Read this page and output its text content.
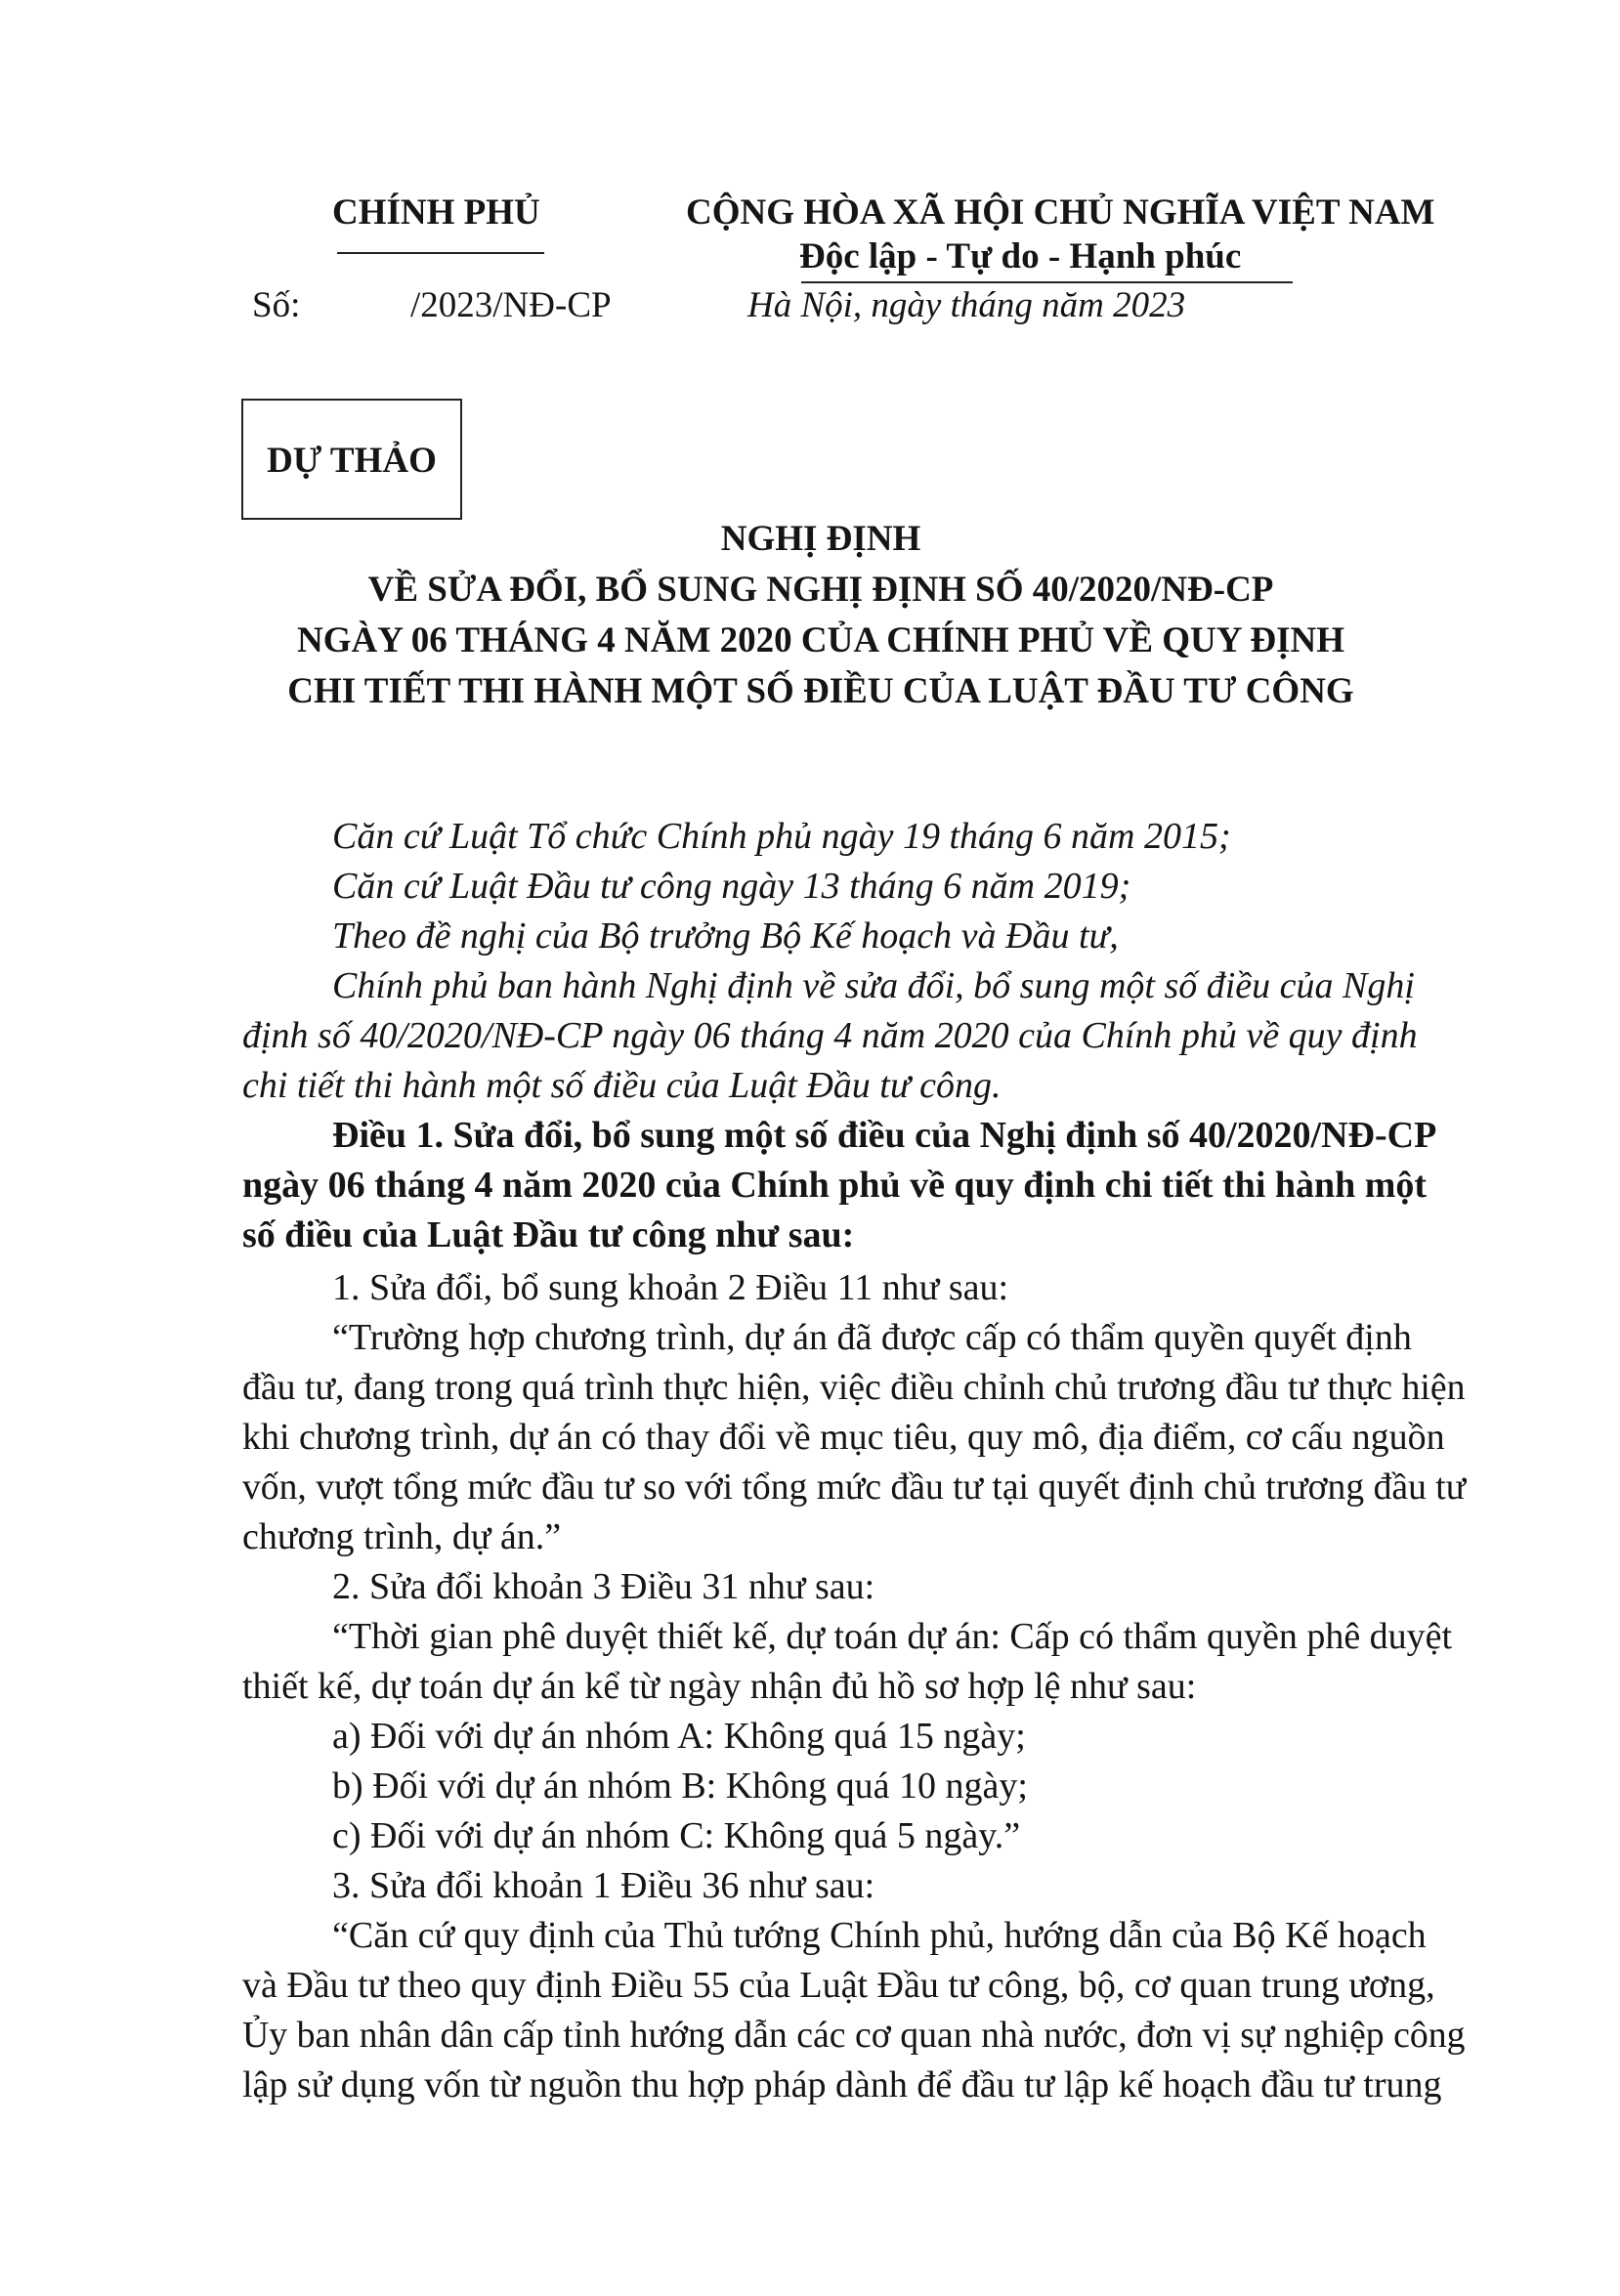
CHÍNH PHỦ
Số:	/2023/NĐ-CP
CỘNG HÒA XÃ HỘI CHỦ NGHĨA VIỆT NAM
Độc lập - Tự do - Hạnh phúc
Hà Nội, ngày tháng năm 2023
DỰ THẢO
NGHỊ ĐỊNH
VỀ SỬA ĐỔI, BỔ SUNG NGHỊ ĐỊNH SỐ 40/2020/NĐ-CP
NGÀY 06 THÁNG 4 NĂM 2020 CỦA CHÍNH PHỦ VỀ QUY ĐỊNH
CHI TIẾT THI HÀNH MỘT SỐ ĐIỀU CỦA LUẬT ĐẦU TƯ CÔNG
Căn cứ Luật Tổ chức Chính phủ ngày 19 tháng 6 năm 2015;
Căn cứ Luật Đầu tư công ngày 13 tháng 6 năm 2019;
Theo đề nghị của Bộ trưởng Bộ Kế hoạch và Đầu tư,
Chính phủ ban hành Nghị định về sửa đổi, bổ sung một số điều của Nghị
định số 40/2020/NĐ-CP ngày 06 tháng 4 năm 2020 của Chính phủ về quy định
chi tiết thi hành một số điều của Luật Đầu tư công.
Điều 1. Sửa đổi, bổ sung một số điều của Nghị định số 40/2020/NĐ-CP
ngày 06 tháng 4 năm 2020 của Chính phủ về quy định chi tiết thi hành một
số điều của Luật Đầu tư công như sau:
1. Sửa đổi, bổ sung khoản 2 Điều 11 như sau:
“Trường hợp chương trình, dự án đã được cấp có thẩm quyền quyết định
đầu tư, đang trong quá trình thực hiện, việc điều chỉnh chủ trương đầu tư thực hiện
khi chương trình, dự án có thay đổi về mục tiêu, quy mô, địa điểm, cơ cấu nguồn
vốn, vượt tổng mức đầu tư so với tổng mức đầu tư tại quyết định chủ trương đầu tư
chương trình, dự án.”
2. Sửa đổi khoản 3 Điều 31 như sau:
“Thời gian phê duyệt thiết kế, dự toán dự án: Cấp có thẩm quyền phê duyệt
thiết kế, dự toán dự án kể từ ngày nhận đủ hồ sơ hợp lệ như sau:
a) Đối với dự án nhóm A: Không quá 15 ngày;
b) Đối với dự án nhóm B: Không quá 10 ngày;
c) Đối với dự án nhóm C: Không quá 5 ngày.”
3. Sửa đổi khoản 1 Điều 36 như sau:
“Căn cứ quy định của Thủ tướng Chính phủ, hướng dẫn của Bộ Kế hoạch
và Đầu tư theo quy định Điều 55 của Luật Đầu tư công, bộ, cơ quan trung ương,
Ủy ban nhân dân cấp tỉnh hướng dẫn các cơ quan nhà nước, đơn vị sự nghiệp công
lập sử dụng vốn từ nguồn thu hợp pháp dành để đầu tư lập kế hoạch đầu tư trung
